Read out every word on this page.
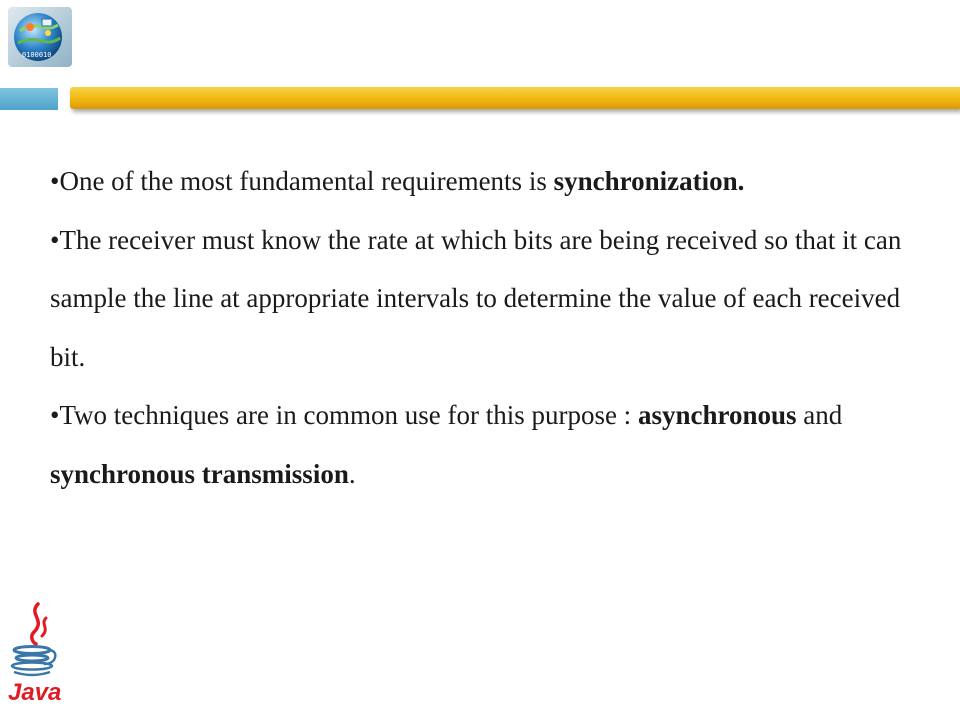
0100010

•One of the most fundamental requirements is synchronization.

•The receiver must know the rate at which bits are being received so that it can sample the line at appropriate intervals to determine the value of each received bit.

•Two techniques are in common use for this purpose : asynchronous and synchronous transmission.

Java
